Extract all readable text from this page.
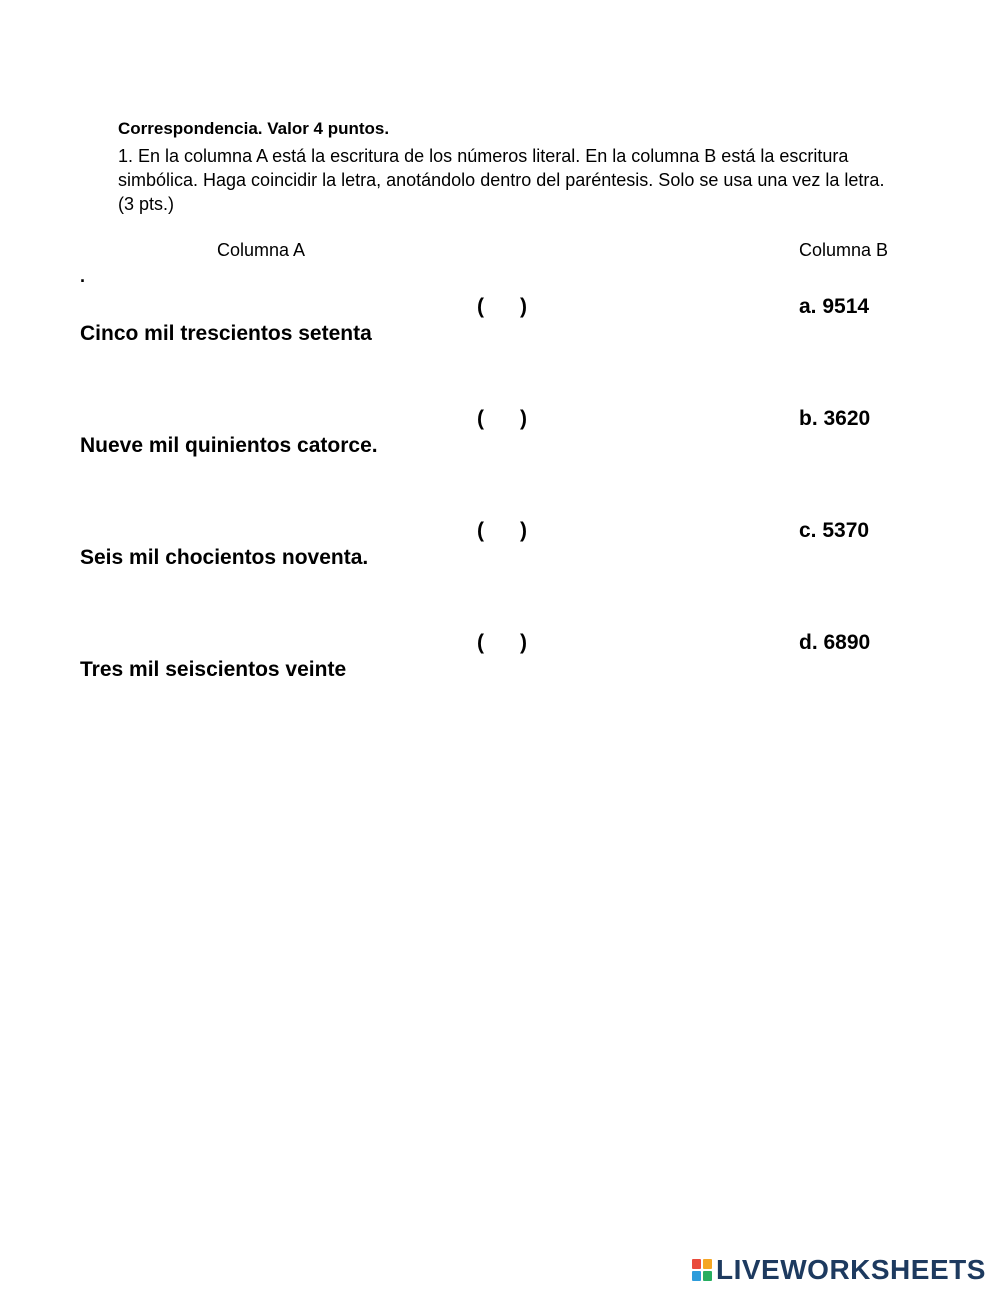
Correspondencia. Valor 4 puntos.

1. En la columna A está la escritura de los números literal. En la columna B está la escritura simbólica. Haga coincidir la letra, anotándolo dentro del paréntesis. Solo se usa una vez la letra. (3 pts.)

Columna A	Columna B
.
Cinco mil trescientos setenta
( )	a. 9514
Nueve mil quinientos catorce.
( )	b. 3620
Seis mil chocientos noventa.
( )	c. 5370
Tres mil seiscientos veinte
( )	d. 6890
LIVEWORKSHEETS
